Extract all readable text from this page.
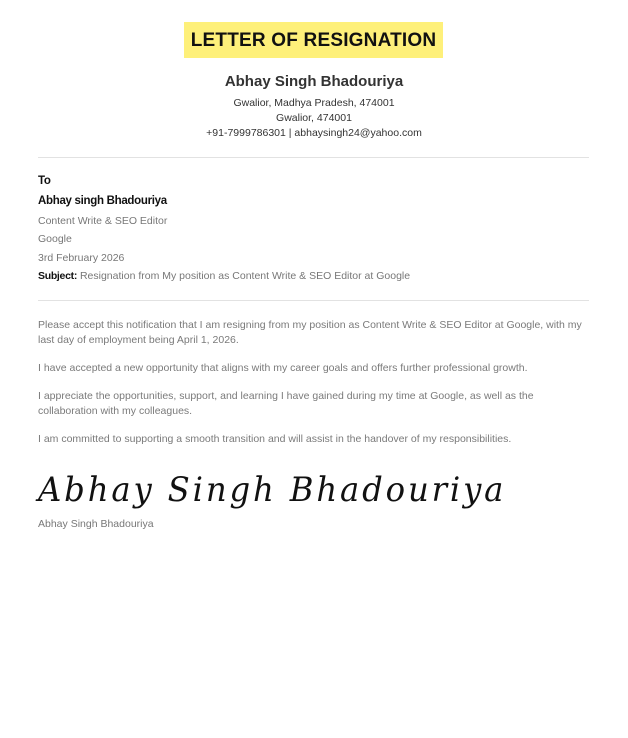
LETTER OF RESIGNATION
Abhay Singh Bhadouriya
Gwalior, Madhya Pradesh, 474001
Gwalior, 474001
+91-7999786301 | abhaysingh24@yahoo.com
To
Abhay singh Bhadouriya
Content Write & SEO Editor
Google
3rd February 2026
Subject: Resignation from My position as Content Write & SEO Editor at Google
Please accept this notification that I am resigning from my position as Content Write & SEO Editor at Google, with my last day of employment being April 1, 2026.
I have accepted a new opportunity that aligns with my career goals and offers further professional growth.
I appreciate the opportunities, support, and learning I have gained during my time at Google, as well as the collaboration with my colleagues.
I am committed to supporting a smooth transition and will assist in the handover of my responsibilities.
Abhay Singh Bhadouriya
Abhay Singh Bhadouriya
